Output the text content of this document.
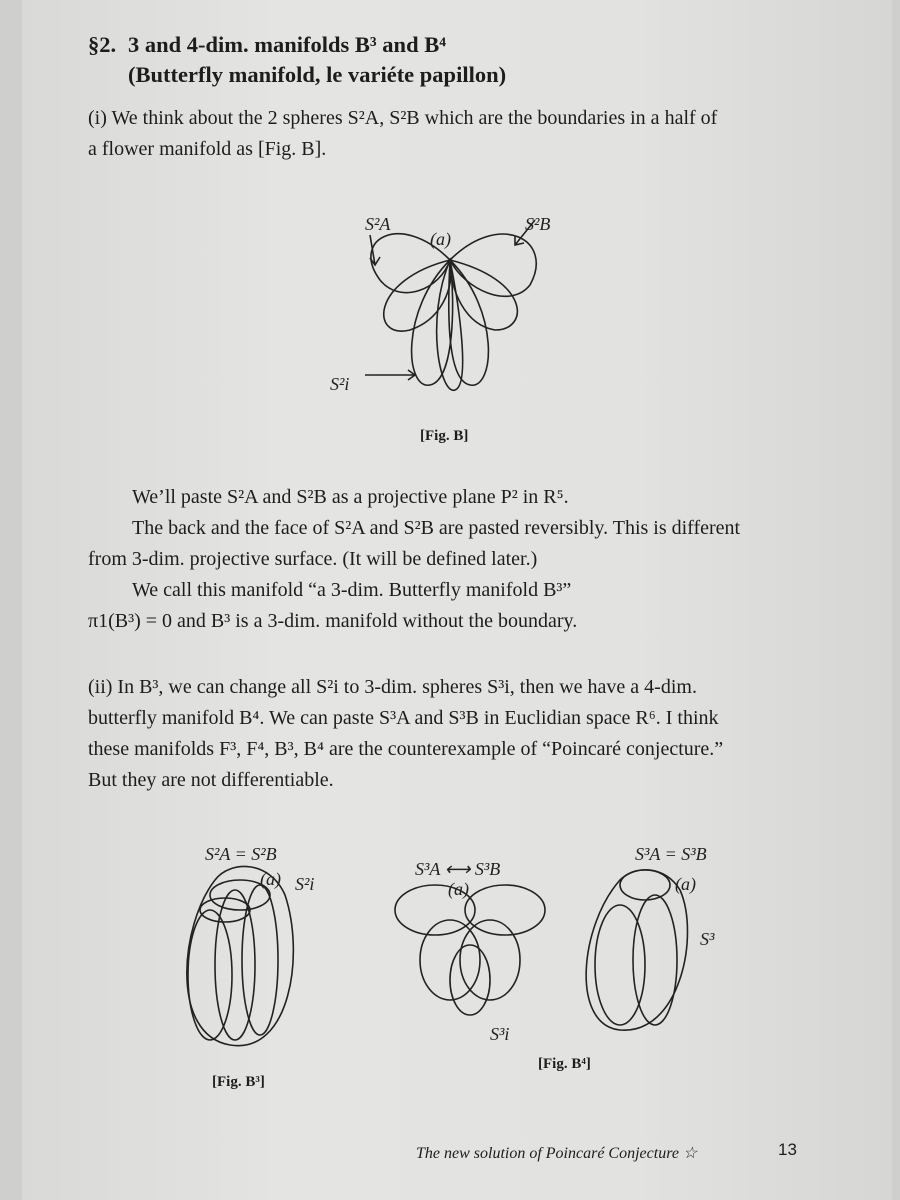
§2. 3 and 4-dim. manifolds B³ and B⁴
(Butterfly manifold, le variéte papillon)
(i) We think about the 2 spheres S²A, S²B which are the boundaries in a half of
a flower manifold as [Fig. B].
S²A	S²B
(a)
S²i
[Fig. B]
We’ll paste S²A and S²B as a projective plane P² in R⁵.
The back and the face of S²A and S²B are pasted reversibly. This is different
from 3-dim. projective surface. (It will be defined later.)
We call this manifold “a 3-dim. Butterfly manifold B³”
π1(B³) = 0 and B³ is a 3-dim. manifold without the boundary.
(ii) In B³, we can change all S²i to 3-dim. spheres S³i, then we have a 4-dim.
butterfly manifold B⁴. We can paste S³A and S³B in Euclidian space R⁶. I think
these manifolds F³, F⁴, B³, B⁴ are the counterexample of “Poincaré conjecture.”
But they are not differentiable.
S²A = S²B
(a) S²i
[Fig. B³]
S³A ⟷ S³B
(a)
S³i
S³A = S³B
(a)
S³
[Fig. B⁴]
The new solution of Poincaré Conjecture ☆	13
